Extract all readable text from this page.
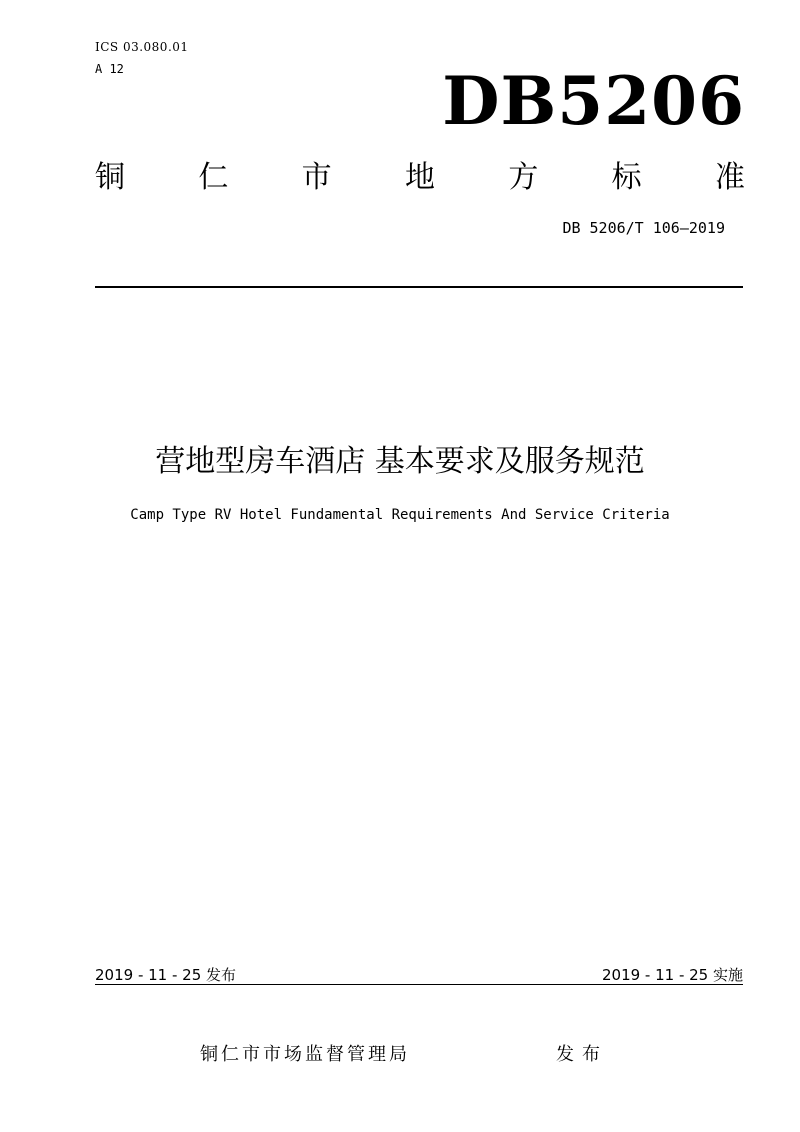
ICS 03.080.01
A 12	DB5206
铜 仁 市 地 方 标 准
DB 5206/T 106—2019
营地型房车酒店 基本要求及服务规范
Camp Type RV Hotel Fundamental Requirements And Service Criteria
2019 - 11 - 25 发布	2019 - 11 - 25 实施
铜仁市市场监督管理局	发布
